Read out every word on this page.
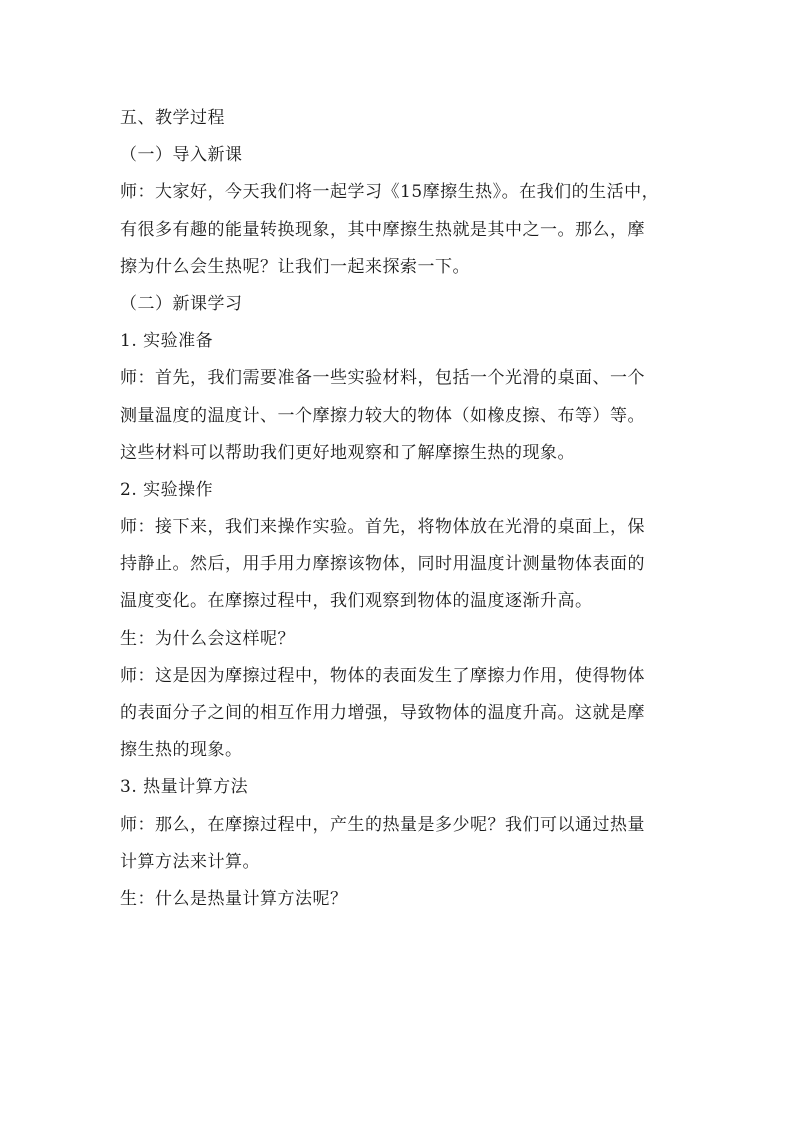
五、教学过程
（一）导入新课
师：大家好，今天我们将一起学习《15摩擦生热》。在我们的生活中，
有很多有趣的能量转换现象，其中摩擦生热就是其中之一。那么，摩
擦为什么会生热呢？让我们一起来探索一下。
（二）新课学习
1. 实验准备
师：首先，我们需要准备一些实验材料，包括一个光滑的桌面、一个
测量温度的温度计、一个摩擦力较大的物体（如橡皮擦、布等）等。
这些材料可以帮助我们更好地观察和了解摩擦生热的现象。
2. 实验操作
师：接下来，我们来操作实验。首先，将物体放在光滑的桌面上，保
持静止。然后，用手用力摩擦该物体，同时用温度计测量物体表面的
温度变化。在摩擦过程中，我们观察到物体的温度逐渐升高。
生：为什么会这样呢？
师：这是因为摩擦过程中，物体的表面发生了摩擦力作用，使得物体
的表面分子之间的相互作用力增强，导致物体的温度升高。这就是摩
擦生热的现象。
3. 热量计算方法
师：那么，在摩擦过程中，产生的热量是多少呢？我们可以通过热量
计算方法来计算。
生：什么是热量计算方法呢？
